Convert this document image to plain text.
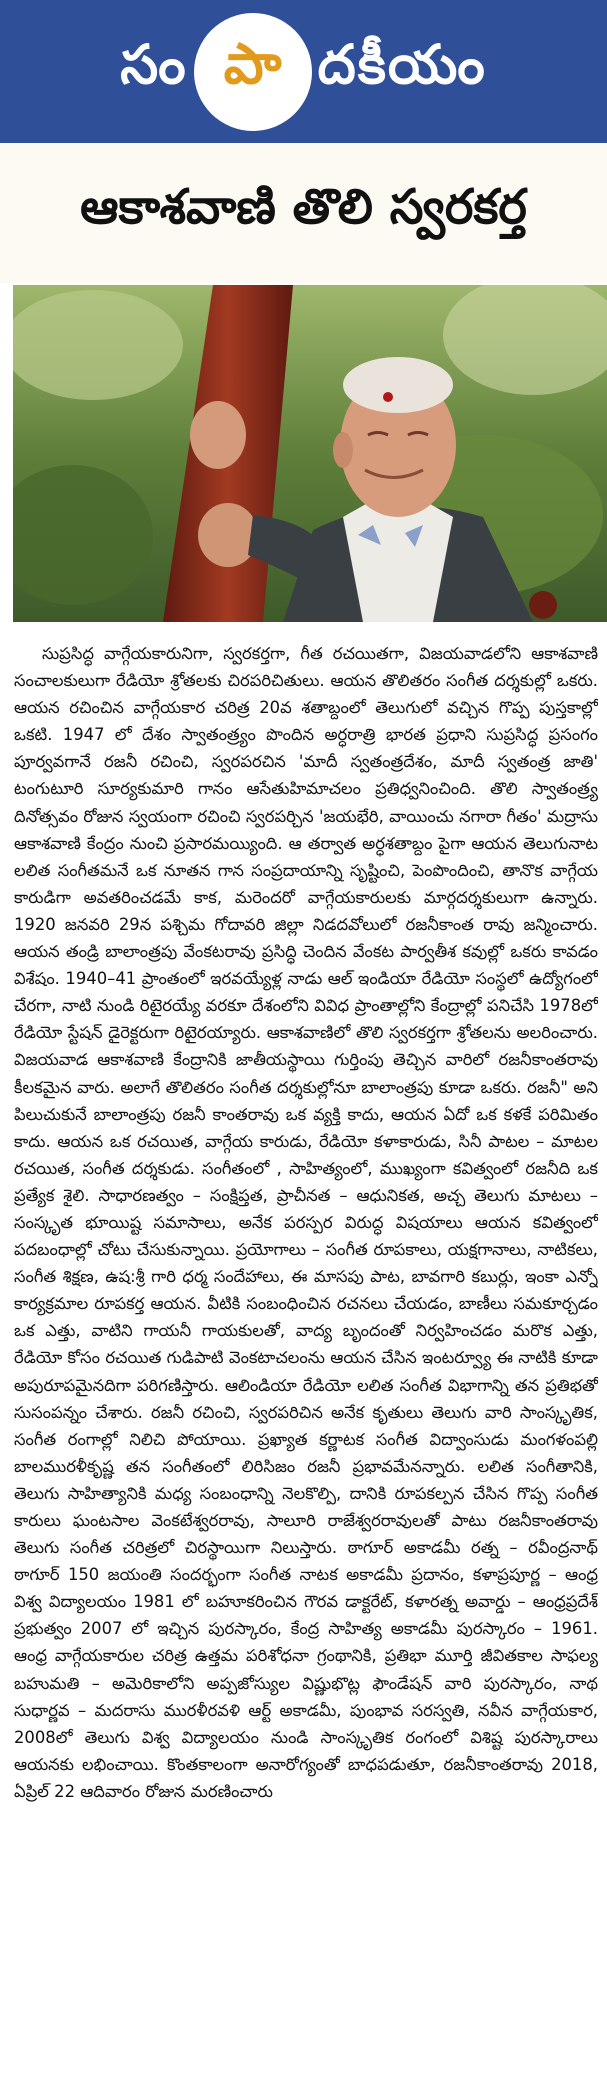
సం పా దకీయం
ఆకాశవాణి తొలి స్వరకర్త

సుప్రసిద్ధ వాగ్గేయకారునిగా, స్వరకర్తగా, గీత రచయితగా, విజయవాడలోని ఆకాశవాణి సంచాలకులుగా రేడియో శ్రోతలకు చిరపరిచితులు. ఆయన తొలితరం సంగీత దర్శకుల్లో ఒకరు. ఆయన రచించిన వాగ్గేయకార చరిత్ర 20వ శతాబ్దంలో తెలుగులో వచ్చిన గొప్ప పుస్తకాల్లో ఒకటి. 1947 లో దేశం స్వాతంత్ర్యం పొందిన అర్ధరాత్రి భారత ప్రధాని సుప్రసిద్ధ ప్రసంగం పూర్వవగానే రజనీ రచించి, స్వరపరచిన 'మాదీ స్వతంత్రదేశం, మాదీ స్వతంత్ర జాతి' టంగుటూరి సూర్యకుమారి గానం ఆసేతుహిమాచలం ప్రతిధ్వనించింది. తొలి స్వాతంత్ర్య దినోత్సవం రోజున స్వయంగా రచించి స్వరపర్చిన 'జయభేరి, వాయించు నగారా గీతం' మద్రాసు ఆకాశవాణి కేంద్రం నుంచి ప్రసారమయ్యింది. ఆ తర్వాత అర్ధశతాబ్దం పైగా ఆయన తెలుగునాట లలిత సంగీతమనే ఒక నూతన గాన సంప్రదాయాన్ని సృష్టించి, పెంపొందించి, తానొక వాగ్గేయ కారుడిగా అవతరించడమే కాక, మరెందరో వాగ్గేయకారులకు మార్గదర్శకులుగా ఉన్నారు. 1920 జనవరి 29న పశ్చిమ గోదావరి జిల్లా నిడదవోలులో రజనీకాంత రావు జన్మించారు. ఆయన తండ్రి బాలాంత్రపు వేంకటరావు ప్రసిద్ధి చెందిన వేంకట పార్వతీశ కవుల్లో ఒకరు కావడం విశేషం. 1940–41 ప్రాంతంలో ఇరవయ్యేళ్ల నాడు ఆల్ ఇండియా రేడియో సంస్థలో ఉద్యోగంలో చేరగా, నాటి నుండి రిటైరయ్యే వరకూ దేశంలోని వివిధ ప్రాంతాల్లోని కేంద్రాల్లో పనిచేసి 1978లో రేడియో స్టేషన్ డైరెక్టరుగా రిటైరయ్యారు. ఆకాశవాణిలో తొలి స్వరకర్తగా శ్రోతలను అలరించారు. విజయవాడ ఆకాశవాణి కేంద్రానికి జాతీయస్థాయి గుర్తింపు తెచ్చిన వారిలో రజనీకాంతరావు కీలకమైన వారు. అలాగే తొలితరం సంగీత దర్శకుల్లోనూ బాలాంత్రపు కూడా ఒకరు. రజనీ" అని పిలుచుకునే బాలాంత్రపు రజనీ కాంతరావు ఒక వ్యక్తి కాదు, ఆయన ఏదో ఒక కళకే పరిమితం కాదు. ఆయన ఒక రచయిత, వాగ్గేయ కారుడు, రేడియో కళాకారుడు, సినీ పాటల – మాటల రచయిత, సంగీత దర్శకుడు. సంగీతంలో , సాహిత్యంలో, ముఖ్యంగా కవిత్వంలో రజనీది ఒక ప్రత్యేక శైలి. సాధారణత్వం – సంక్షిప్తత, ప్రాచీనత – ఆధునికత, అచ్చ తెలుగు మాటలు – సంస్కృత భూయిష్ట సమాసాలు, అనేక పరస్పర విరుద్ధ విషయాలు ఆయన కవిత్వంలో పదబంధాల్లో చోటు చేసుకున్నాయి. ప్రయోగాలు – సంగీత రూపకాలు, యక్షగానాలు, నాటికలు, సంగీత శిక్షణ, ఉష:శ్రీ గారి ధర్మ సందేహాలు, ఈ మాసపు పాట, బావగారి కబుర్లు, ఇంకా ఎన్నో కార్యక్రమాల రూపకర్త ఆయన. వీటికి సంబంధించిన రచనలు చేయడం, బాణీలు సమకూర్చడం ఒక ఎత్తు, వాటిని గాయనీ గాయకులతో, వాద్య బృందంతో నిర్వహించడం మరొక ఎత్తు, రేడియో కోసం రచయిత గుడిపాటి వెంకటాచలంను ఆయన చేసిన ఇంటర్వ్యూ ఈ నాటికి కూడా అపురూపమైనదిగా పరిగణిస్తారు. ఆలిండియా రేడియో లలిత సంగీత విభాగాన్ని తన ప్రతిభతో సుసంపన్నం చేశారు. రజనీ రచించి, స్వరపరిచిన అనేక కృతులు తెలుగు వారి సాంస్కృతిక, సంగీత రంగాల్లో నిలిచి పోయాయి. ప్రఖ్యాత కర్ణాటక సంగీత విద్వాంసుడు మంగళంపల్లి బాలమురళీకృష్ణ తన సంగీతంలో లిరిసిజం రజనీ ప్రభావమేనన్నారు. లలిత సంగీతానికి, తెలుగు సాహిత్యానికి మధ్య సంబంధాన్ని నెలకొల్పి, దానికి రూపకల్పన చేసిన గొప్ప సంగీత కారులు ఘంటసాల వెంకటేశ్వరరావు, సాలూరి రాజేశ్వరరావులతో పాటు రజనీకాంతరావు తెలుగు సంగీత చరిత్రలో చిరస్థాయిగా నిలుస్తారు. ఠాగూర్ అకాడమీ రత్న – రవీంద్రనాథ్ ఠాగూర్ 150 జయంతి సందర్భంగా సంగీత నాటక అకాడమీ ప్రదానం, కళాప్రపూర్ణ – ఆంధ్ర విశ్వ విద్యాలయం 1981 లో బహూకరించిన గౌరవ డాక్టరేట్, కళారత్న అవార్డు – ఆంధ్రప్రదేశ్ ప్రభుత్వం 2007 లో ఇచ్చిన పురస్కారం, కేంద్ర సాహిత్య అకాడమీ పురస్కారం – 1961. ఆంధ్ర వాగ్గేయకారుల చరిత్ర ఉత్తమ పరిశోధనా గ్రంథానికి, ప్రతిభా మూర్తి జీవితకాల సాఫల్య బహుమతి – అమెరికాలోని అప్పజోస్యుల విష్ణుభొట్ల ఫౌండేషన్ వారి పురస్కారం, నాథ సుధార్ణవ – మదరాసు మురళీరవళి ఆర్ట్ అకాడమీ, పుంభావ సరస్వతి, నవీన వాగ్గేయకార, 2008లో తెలుగు విశ్వ విద్యాలయం నుండి సాంస్కృతిక రంగంలో విశిష్ట పురస్కారాలు ఆయనకు లభించాయి. కొంతకాలంగా అనారోగ్యంతో బాధపడుతూ, రజనీకాంతరావు 2018, ఏప్రిల్ 22 ఆదివారం రోజున మరణించారు
